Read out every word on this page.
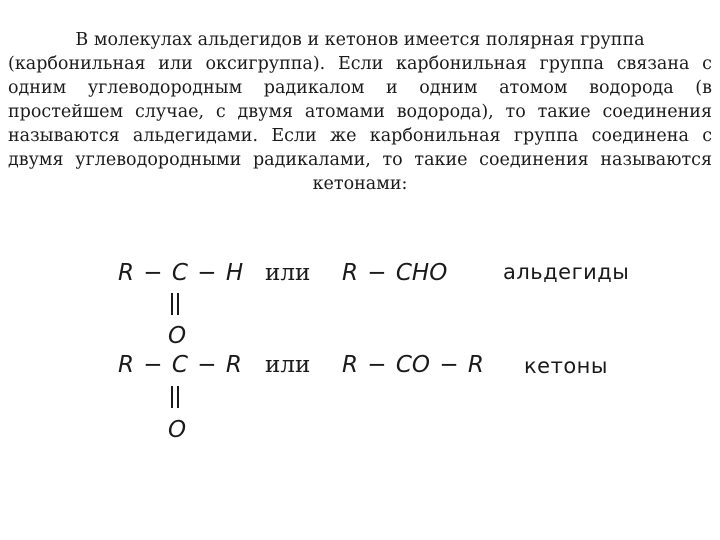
В молекулах альдегидов и кетонов имеется полярная группа
(карбонильная или оксигруппа). Если карбонильная группа связана с
одним углеводородным радикалом и одним атомом водорода (в
простейшем случае, с двумя атомами водорода), то такие соединения
называются альдегидами. Если же карбонильная группа соединена с
двумя углеводородными радикалами, то такие соединения называются
кетонами:
R − C − H
O
или R − CHO	альдегиды
R − C − R
O
или R − CO − R кетоны
